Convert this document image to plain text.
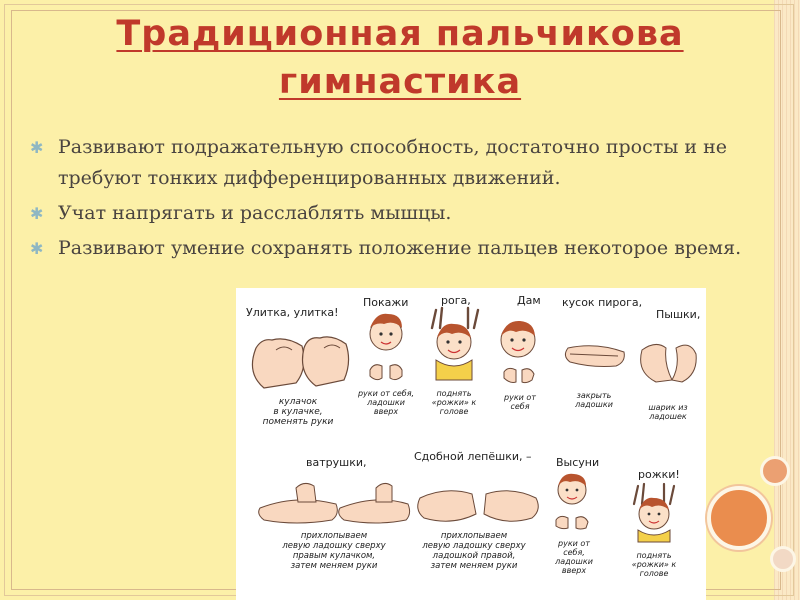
Традиционная пальчикова гимнастика
✱ Развивают подражательную способность, достаточно просты и не требуют тонких дифференцированных движений.
✱ Учат напрягать и расслаблять мышцы.
✱ Развивают умение сохранять положение пальцев некоторое время.
Улитка, улитка!
Покажи	рога,	Дам кусок пирога,
Пышки,
кулачок
в кулачке,
поменять руки
руки от себя,
ладошки
вверх
поднять
«рожки» к
голове
руки от
себя
закрыть
ладошки	шарик из
ладошек
ватрушки,	Сдобной лепёшки, – Высуни
рожки!
прихлопываем
левую ладошку сверху
правым кулачком,
затем меняем руки
прихлопываем
левую ладошку сверху
ладошкой правой,
затем меняем руки
руки от
себя,
ладошки
вверх
поднять
«рожки» к
голове
